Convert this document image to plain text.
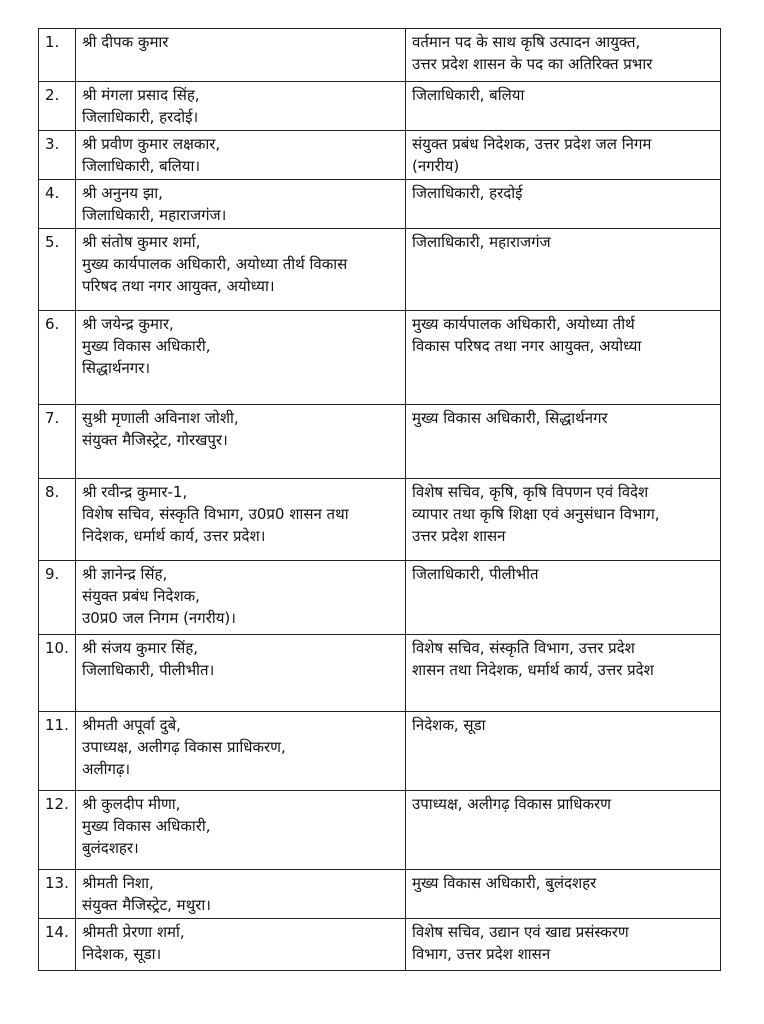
1.	श्री दीपक कुमार	वर्तमान पद के साथ कृषि उत्पादन आयुक्त,
उत्तर प्रदेश शासन के पद का अतिरिक्त प्रभार

2.	श्री मंगला प्रसाद सिंह,
जिलाधिकारी, हरदोई।	जिलाधिकारी, बलिया

3.	श्री प्रवीण कुमार लक्षकार,
जिलाधिकारी, बलिया।	संयुक्त प्रबंध निदेशक, उत्तर प्रदेश जल निगम
(नगरीय)

4.	श्री अनुनय झा,
जिलाधिकारी, महाराजगंज।	जिलाधिकारी, हरदोई

5.	श्री संतोष कुमार शर्मा,
मुख्य कार्यपालक अधिकारी, अयोध्या तीर्थ विकास
परिषद तथा नगर आयुक्त, अयोध्या।	जिलाधिकारी, महाराजगंज

6.	श्री जयेन्द्र कुमार,
मुख्य विकास अधिकारी,
सिद्धार्थनगर।	मुख्य कार्यपालक अधिकारी, अयोध्या तीर्थ
विकास परिषद तथा नगर आयुक्त, अयोध्या

7.	सुश्री मृणाली अविनाश जोशी,
संयुक्त मैजिस्ट्रेट, गोरखपुर।	मुख्य विकास अधिकारी, सिद्धार्थनगर

8.	श्री रवीन्द्र कुमार-1,
विशेष सचिव, संस्कृति विभाग, उ0प्र0 शासन तथा
निदेशक, धर्मार्थ कार्य, उत्तर प्रदेश।	विशेष सचिव, कृषि, कृषि विपणन एवं विदेश
व्यापार तथा कृषि शिक्षा एवं अनुसंधान विभाग,
उत्तर प्रदेश शासन

9.	श्री ज्ञानेन्द्र सिंह,
संयुक्त प्रबंध निदेशक,
उ0प्र0 जल निगम (नगरीय)।	जिलाधिकारी, पीलीभीत

10.	श्री संजय कुमार सिंह,
जिलाधिकारी, पीलीभीत।	विशेष सचिव, संस्कृति विभाग, उत्तर प्रदेश
शासन तथा निदेशक, धर्मार्थ कार्य, उत्तर प्रदेश

11.	श्रीमती अपूर्वा दुबे,
उपाध्यक्ष, अलीगढ़ विकास प्राधिकरण,
अलीगढ़।	निदेशक, सूडा

12.	श्री कुलदीप मीणा,
मुख्य विकास अधिकारी,
बुलंदशहर।	उपाध्यक्ष, अलीगढ़ विकास प्राधिकरण

13.	श्रीमती निशा,
संयुक्त मैजिस्ट्रेट, मथुरा।	मुख्य विकास अधिकारी, बुलंदशहर

14.	श्रीमती प्रेरणा शर्मा,
निदेशक, सूडा।	विशेष सचिव, उद्यान एवं खाद्य प्रसंस्करण
विभाग, उत्तर प्रदेश शासन
